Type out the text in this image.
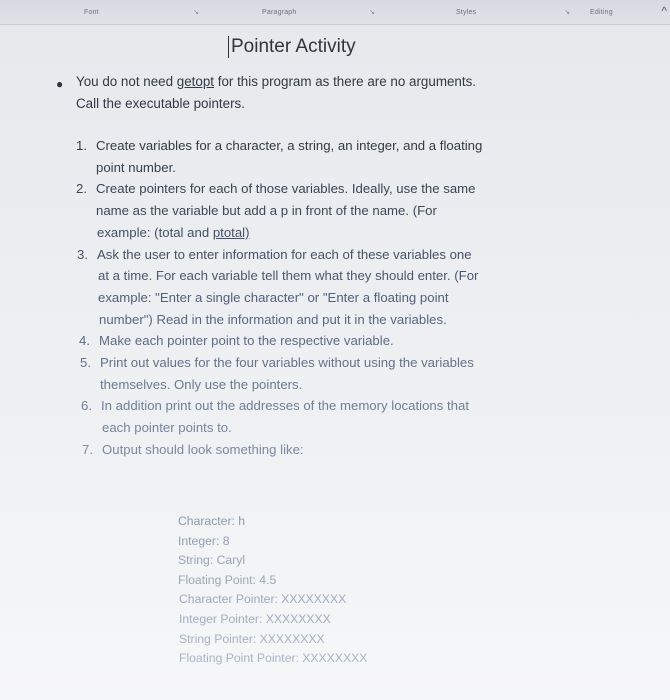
Font	↘	Paragraph	↘	Styles	↘	Editing	^
Pointer Activity
● You do not need getopt for this program as there are no arguments.
Call the executable pointers.
1. Create variables for a character, a string, an integer, and a floating
point number.
2. Create pointers for each of those variables. Ideally, use the same
name as the variable but add a p in front of the name. (For
example: (total and ptotal)
3. Ask the user to enter information for each of these variables one
at a time. For each variable tell them what they should enter. (For
example: "Enter a single character" or "Enter a floating point
number") Read in the information and put it in the variables.
4. Make each pointer point to the respective variable.
5. Print out values for the four variables without using the variables
themselves. Only use the pointers.
6. In addition print out the addresses of the memory locations that
each pointer points to.
7. Output should look something like:
Character: h
Integer: 8
String: Caryl
Floating Point: 4.5
Character Pointer: XXXXXXXX
Integer Pointer: XXXXXXXX
String Pointer: XXXXXXXX
Floating Point Pointer: XXXXXXXX
